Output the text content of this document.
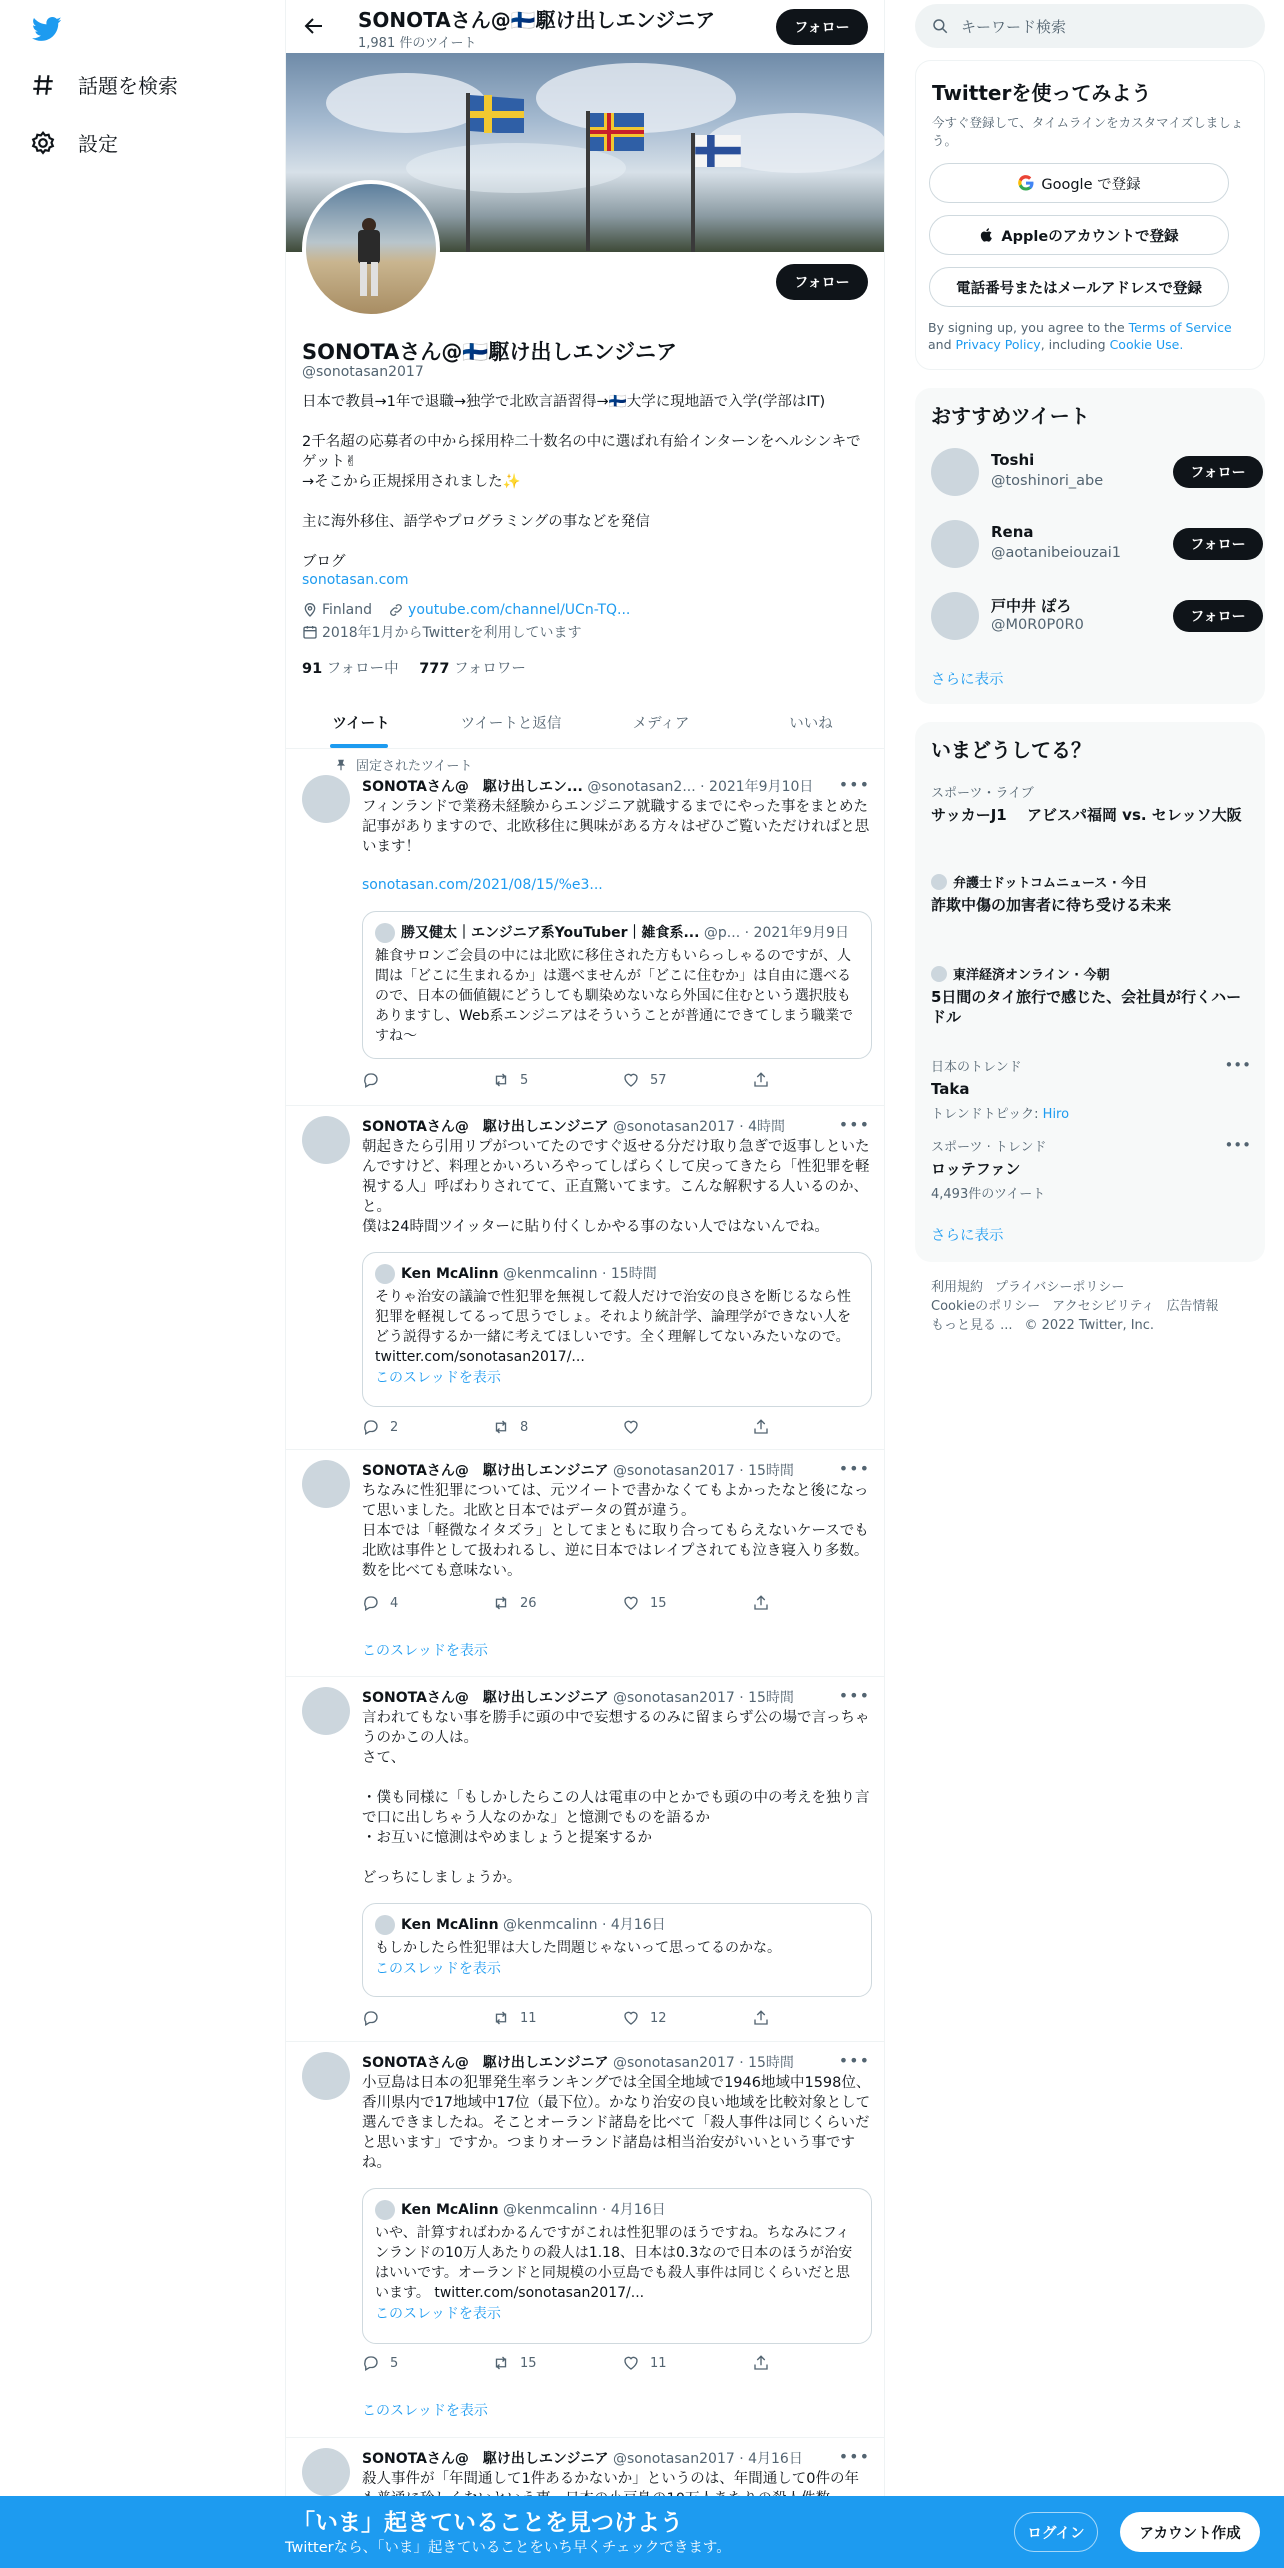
話題を検索
設定
SONOTAさん@🇫🇮駆け出しエンジニア
1,981 件のツイート
フォロー
フォロー
SONOTAさん@🇫🇮駆け出しエンジニア
@sonotasan2017
日本で教員→1年で退職→独学で北欧言語習得→🇫🇮大学に現地語で入学(学部はIT)

2千名超の応募者の中から採用枠二十数名の中に選ばれ有給インターンをヘルシンキでゲット✌
→そこから正規採用されました✨

主に海外移住、語学やプログラミングの事などを発信

ブログ
sonotasan.com
Finland	youtube.com/channel/UCn-TQ...
2018年1月からTwitterを利用しています
91 フォロー中 777 フォロワー
ツイート	ツイートと返信	メディア	いいね
固定されたツイート
SONOTAさん@　駆け出しエン... @sonotasan2... · 2021年9月10日	•••
フィンランドで業務未経験からエンジニア就職するまでにやった事をまとめた記事がありますので、北欧移住に興味がある方々はぜひご覧いただければと思います！
sonotasan.com/2021/08/15/%e3...
勝又健太｜エンジニア系YouTuber｜雑食系... @p... · 2021年9月9日
雑食サロンご会員の中には北欧に移住された方もいらっしゃるのですが、人間は「どこに生まれるか」は選べませんが「どこに住むか」は自由に選べるので、日本の価値観にどうしても馴染めないなら外国に住むという選択肢もありますし、Web系エンジニアはそういうことが普通にできてしまう職業ですね〜
5	57
SONOTAさん@　駆け出しエンジニア @sonotasan2017 · 4時間	•••
朝起きたら引用リプがついてたのですぐ返せる分だけ取り急ぎで返事しといたんですけど、料理とかいろいろやってしばらくして戻ってきたら「性犯罪を軽視する人」呼ばわりされてて、正直驚いてます。こんな解釈する人いるのか、と。
僕は24時間ツイッターに貼り付くしかやる事のない人ではないんでね。
Ken McAlinn @kenmcalinn · 15時間
そりゃ治安の議論で性犯罪を無視して殺人だけで治安の良さを断じるなら性犯罪を軽視してるって思うでしょ。それより統計学、論理学ができない人をどう説得するか一緒に考えてほしいです。全く理解してないみたいなので。 twitter.com/sonotasan2017/...
このスレッドを表示
2	8
SONOTAさん@　駆け出しエンジニア @sonotasan2017 · 15時間	•••
ちなみに性犯罪については、元ツイートで書かなくてもよかったなと後になって思いました。北欧と日本ではデータの質が違う。
日本では「軽微なイタズラ」としてまともに取り合ってもらえないケースでも北欧は事件として扱われるし、逆に日本ではレイプされても泣き寝入り多数。数を比べても意味ない。
4	26	15
このスレッドを表示
SONOTAさん@　駆け出しエンジニア @sonotasan2017 · 15時間	•••
言われてもない事を勝手に頭の中で妄想するのみに留まらず公の場で言っちゃうのかこの人は。
さて、

・僕も同様に「もしかしたらこの人は電車の中とかでも頭の中の考えを独り言で口に出しちゃう人なのかな」と憶測でものを語るか
・お互いに憶測はやめましょうと提案するか

どっちにしましょうか。
Ken McAlinn @kenmcalinn · 4月16日
もしかしたら性犯罪は大した問題じゃないって思ってるのかな。
このスレッドを表示
11	12
SONOTAさん@　駆け出しエンジニア @sonotasan2017 · 15時間	•••
小豆島は日本の犯罪発生率ランキングでは全国全地域で1946地域中1598位、香川県内で17地域中17位（最下位）。かなり治安の良い地域を比較対象として選んできましたね。そことオーランド諸島を比べて「殺人事件は同じくらいだと思います」ですか。つまりオーランド諸島は相当治安がいいという事ですね。
Ken McAlinn @kenmcalinn · 4月16日
いや、計算すればわかるんですがこれは性犯罪のほうですね。ちなみにフィンランドの10万人あたりの殺人は1.18、日本は0.3なので日本のほうが治安はいいです。オーランドと同規模の小豆島でも殺人事件は同じくらいだと思います。 twitter.com/sonotasan2017/...
このスレッドを表示
5	15	11
このスレッドを表示
SONOTAさん@　駆け出しエンジニア @sonotasan2017 · 4月16日	•••
殺人事件が「年間通して1件あるかないか」というのは、年間通して0件の年
キーワード検索
Twitterを使ってみよう
今すぐ登録して、タイムラインをカスタマイズしましょう。
Google で登録
Appleのアカウントで登録
電話番号またはメールアドレスで登録
By signing up, you agree to the Terms of Service and Privacy Policy, including Cookie Use.
おすすめツイート
Toshi
@toshinori_abe	フォロー
Rena
@aotanibeiouzai1	フォロー
戸中井 ぽろ
@M0R0P0R0	フォロー
さらに表示
いまどうしてる？
スポーツ・ライブ
サッカーJ1　 アビスパ福岡 vs. セレッソ大阪
弁護士ドットコムニュース · 今日
詐欺中傷の加害者に待ち受ける未来
東洋経済オンライン · 今朝
5日間のタイ旅行で感じた、会社員が行くハードル
日本のトレンド
Taka
トレンドトピック: Hiro
•••
スポーツ · トレンド
ロッテファン
4,493件のツイート
•••
さらに表示
利用規約 プライバシーポリシー
Cookieのポリシー アクセシビリティ 広告情報
もっと見る ... © 2022 Twitter, Inc.
「いま」起きていることを見つけよう
Twitterなら、「いま」起きていることをいち早くチェックできます。
ログイン	アカウント作成
